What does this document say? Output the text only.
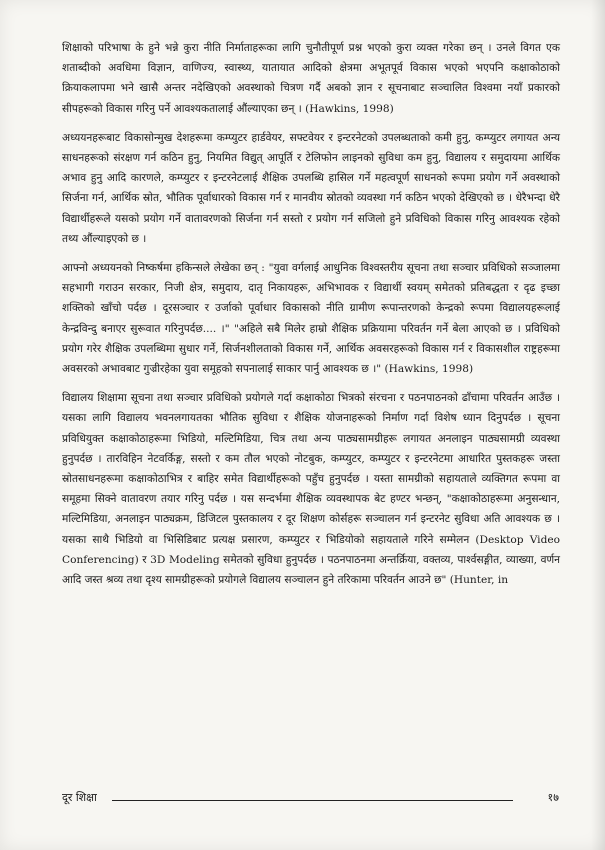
शिक्षाको परिभाषा के हुने भन्ने कुरा नीति निर्माताहरूका लागि चुनौतीपूर्ण प्रश्न भएको कुरा व्यक्त गरेका छन् । उनले विगत एक शताब्दीको अवधिमा विज्ञान, वाणिज्य, स्वास्थ्य, यातायात आदिको क्षेत्रमा अभूतपूर्व विकास भएको भएपनि कक्षाकोठाको क्रियाकलापमा भने खासै अन्तर नदेखिएको अवस्थाको चित्रण गर्दै अबको ज्ञान र सूचनाबाट सञ्चालित विश्वमा नयाँ प्रकारको सीपहरूको विकास गरिनु पर्ने आवश्यकतालाई औंल्याएका छन् । (Hawkins, 1998)

अध्ययनहरूबाट विकासोन्मुख देशहरूमा कम्प्युटर हार्डवेयर, सफ्टवेयर र इन्टरनेटको उपलब्धताको कमी हुनु, कम्प्युटर लगायत अन्य साधनहरूको संरक्षण गर्न कठिन हुनु, नियमित विद्युत् आपूर्ति र टेलिफोन लाइनको सुविधा कम हुनु, विद्यालय र समुदायमा आर्थिक अभाव हुनु आदि कारणले, कम्प्युटर र इन्टरनेटलाई शैक्षिक उपलब्धि हासिल गर्ने महत्वपूर्ण साधनको रूपमा प्रयोग गर्ने अवस्थाको सिर्जना गर्न, आर्थिक स्रोत, भौतिक पूर्वाधारको विकास गर्न र मानवीय स्रोतको व्यवस्था गर्न कठिन भएको देखिएको छ । धेरैभन्दा धेरै विद्यार्थीहरूले यसको प्रयोग गर्ने वातावरणको सिर्जना गर्न सस्तो र प्रयोग गर्न सजिलो हुने प्रविधिको विकास गरिनु आवश्यक रहेको तथ्य औंल्याइएको छ ।

आफ्नो अध्ययनको निष्कर्षमा हकिन्सले लेखेका छन् : "युवा वर्गलाई आधुनिक विश्वस्तरीय सूचना तथा सञ्चार प्रविधिको सञ्जालमा सहभागी गराउन सरकार, निजी क्षेत्र, समुदाय, दातृ निकायहरू, अभिभावक र विद्यार्थी स्वयम् समेतको प्रतिबद्धता र दृढ इच्छा शक्तिको खाँचो पर्दछ । दूरसञ्चार र उर्जाको पूर्वाधार विकासको नीति ग्रामीण रूपान्तरणको केन्द्रको रूपमा विद्यालयहरूलाई केन्द्रविन्दु बनाएर सुरूवात गरिनुपर्दछ.... ।" "अहिले सबै मिलेर हाम्रो शैक्षिक प्रक्रियामा परिवर्तन गर्ने बेला आएको छ । प्रविधिको प्रयोग गरेर शैक्षिक उपलब्धिमा सुधार गर्ने, सिर्जनशीलताको विकास गर्ने, आर्थिक अवसरहरूको विकास गर्न र विकासशील राष्ट्रहरूमा अवसरको अभावबाट गुज्रीरहेका युवा समूहको सपनालाई साकार पार्नु आवश्यक छ ।" (Hawkins, 1998)

विद्यालय शिक्षामा सूचना तथा सञ्चार प्रविधिको प्रयोगले गर्दा कक्षाकोठा भित्रको संरचना र पठनपाठनको ढाँचामा परिवर्तन आउँछ । यसका लागि विद्यालय भवनलगायतका भौतिक सुविधा र शैक्षिक योजनाहरूको निर्माण गर्दा विशेष ध्यान दिनुपर्दछ । सूचना प्रविधियुक्त कक्षाकोठाहरूमा भिडियो, मल्टिमिडिया, चित्र तथा अन्य पाठ्यसामग्रीहरू लगायत अनलाइन पाठ्यसामग्री व्यवस्था हुनुपर्दछ । तारविहिन नेटवर्किङ्ग, सस्तो र कम तौल भएको नोटबुक, कम्प्युटर, कम्प्युटर र इन्टरनेटमा आधारित पुस्तकहरू जस्ता स्रोतसाधनहरूमा कक्षाकोठाभित्र र बाहिर समेत विद्यार्थीहरूको पहुँच हुनुपर्दछ । यस्ता सामग्रीको सहायताले व्यक्तिगत रूपमा वा समूहमा सिक्ने वातावरण तयार गरिनु पर्दछ । यस सन्दर्भमा शैक्षिक व्यवस्थापक बेट हण्टर भन्छन्, "कक्षाकोठाहरूमा अनुसन्धान, मल्टिमिडिया, अनलाइन पाठ्यक्रम, डिजिटल पुस्तकालय र दूर शिक्षण कोर्सहरू सञ्चालन गर्न इन्टरनेट सुविधा अति आवश्यक छ । यसका साथै भिडियो वा भिसिडिबाट प्रत्यक्ष प्रसारण, कम्प्युटर र भिडियोको सहायताले गरिने सम्मेलन (Desktop Video Conferencing) र 3D Modeling समेतको सुविधा हुनुपर्दछ । पठनपाठनमा अन्तर्क्रिया, वक्तव्य, पार्श्वसङ्गीत, व्याख्या, वर्णन आदि जस्त श्रव्य तथा दृश्य सामग्रीहरूको प्रयोगले विद्यालय सञ्चालन हुने तरिकामा परिवर्तन आउने छ" (Hunter, in

दूर शिक्षा	१७
